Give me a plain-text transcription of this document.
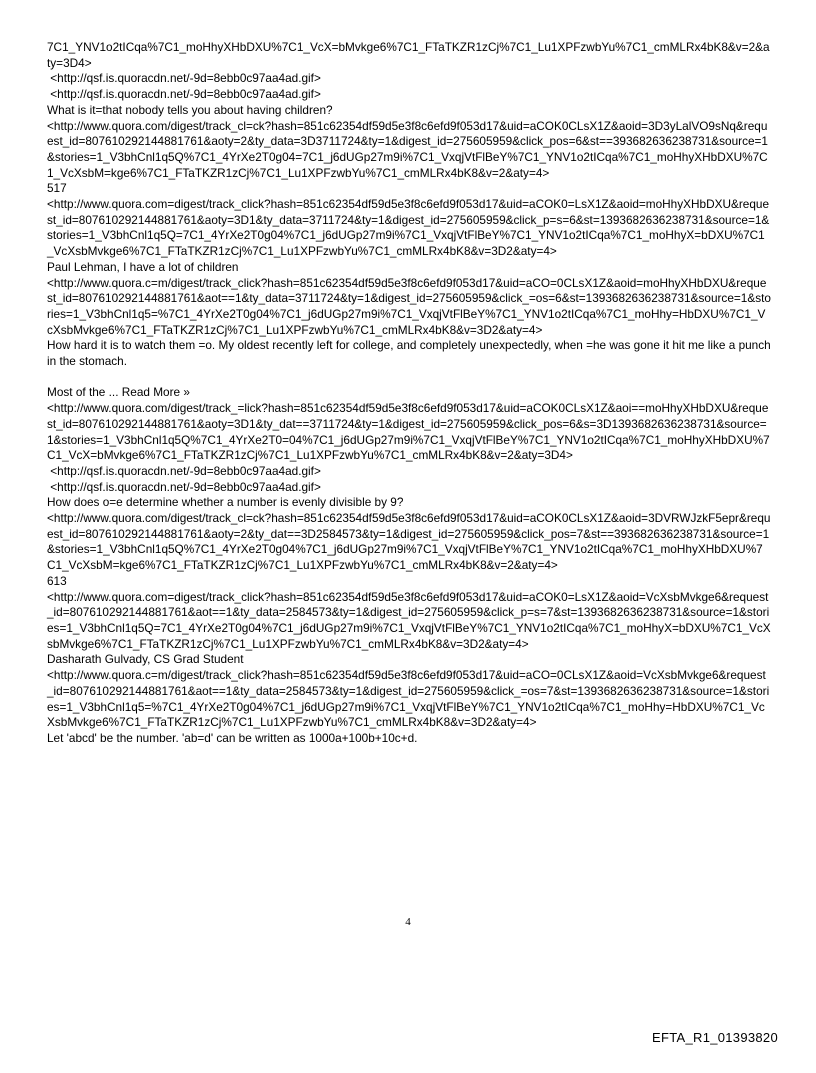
7C1_YNV1o2tICqa%7C1_moHhyXHbDXU%7C1_VcX=bMvkge6%7C1_FTaTKZR1zCj%7C1_Lu1XPFzwbYu%7C1_cmMLRx4bK8&v=2&aty=3D4>
<http://qsf.is.quoracdn.net/-9d=8ebb0c97aa4ad.gif>
<http://qsf.is.quoracdn.net/-9d=8ebb0c97aa4ad.gif>
What is it=that nobody tells you about having children?
<http://www.quora.com/digest/track_cl=ck?hash=851c62354df59d5e3f8c6efd9f053d17&uid=aCOK0CLsX1Z&aoid=3D3yLalVO9sNq&request_id=807610292144881761&aoty=2&ty_data=3D3711724&ty=1&digest_id=275605959&click_pos=6&st==393682636238731&source=1&stories=1_V3bhCnl1q5Q%7C1_4YrXe2T0g04=7C1_j6dUGp27m9i%7C1_VxqjVtFlBeY%7C1_YNV1o2tICqa%7C1_moHhyXHbDXU%7C1_VcXsbM=kge6%7C1_FTaTKZR1zCj%7C1_Lu1XPFzwbYu%7C1_cmMLRx4bK8&v=2&aty=4>
517
<http://www.quora.com=digest/track_click?hash=851c62354df59d5e3f8c6efd9f053d17&uid=aCOK0=LsX1Z&aoid=moHhyXHbDXU&request_id=807610292144881761&aoty=3D1&ty_data=3711724&ty=1&digest_id=275605959&click_p=s=6&st=1393682636238731&source=1&stories=1_V3bhCnl1q5Q=7C1_4YrXe2T0g04%7C1_j6dUGp27m9i%7C1_VxqjVtFlBeY%7C1_YNV1o2tICqa%7C1_moHhyX=bDXU%7C1_VcXsbMvkge6%7C1_FTaTKZR1zCj%7C1_Lu1XPFzwbYu%7C1_cmMLRx4bK8&v=3D2&aty=4>
Paul Lehman, I have a lot of children
<http://www.quora.c=m/digest/track_click?hash=851c62354df59d5e3f8c6efd9f053d17&uid=aCO=0CLsX1Z&aoid=moHhyXHbDXU&request_id=807610292144881761&aot==1&ty_data=3711724&ty=1&digest_id=275605959&click_=os=6&st=1393682636238731&source=1&stories=1_V3bhCnl1q5=%7C1_4YrXe2T0g04%7C1_j6dUGp27m9i%7C1_VxqjVtFlBeY%7C1_YNV1o2tICqa%7C1_moHhy=HbDXU%7C1_VcXsbMvkge6%7C1_FTaTKZR1zCj%7C1_Lu1XPFzwbYu%7C1_cmMLRx4bK8&v=3D2&aty=4>
How hard it is to watch them =o. My oldest recently left for college, and completely unexpectedly, when =he was gone it hit me like a punch in the stomach.
Most of the ... Read More »
<http://www.quora.com/digest/track_=lick?hash=851c62354df59d5e3f8c6efd9f053d17&uid=aCOK0CLsX1Z&aoi==moHhyXHbDXU&request_id=807610292144881761&aoty=3D1&ty_dat==3711724&ty=1&digest_id=275605959&click_pos=6&s=3D1393682636238731&source=1&stories=1_V3bhCnl1q5Q%7C1_4YrXe2T0=04%7C1_j6dUGp27m9i%7C1_VxqjVtFlBeY%7C1_YNV1o2tICqa%7C1_moHhyXHbDXU%7C1_VcX=bMvkge6%7C1_FTaTKZR1zCj%7C1_Lu1XPFzwbYu%7C1_cmMLRx4bK8&v=2&aty=3D4>
<http://qsf.is.quoracdn.net/-9d=8ebb0c97aa4ad.gif>
<http://qsf.is.quoracdn.net/-9d=8ebb0c97aa4ad.gif>
How does o=e determine whether a number is evenly divisible by 9?
<http://www.quora.com/digest/track_cl=ck?hash=851c62354df59d5e3f8c6efd9f053d17&uid=aCOK0CLsX1Z&aoid=3DVRWJzkF5epr&request_id=807610292144881761&aoty=2&ty_dat==3D2584573&ty=1&digest_id=275605959&click_pos=7&st==393682636238731&source=1&stories=1_V3bhCnl1q5Q%7C1_4YrXe2T0g04%7C1_j6dUGp27m9i%7C1_VxqjVtFlBeY%7C1_YNV1o2tICqa%7C1_moHhyXHbDXU%7C1_VcXsbM=kge6%7C1_FTaTKZR1zCj%7C1_Lu1XPFzwbYu%7C1_cmMLRx4bK8&v=2&aty=4>
613
<http://www.quora.com=digest/track_click?hash=851c62354df59d5e3f8c6efd9f053d17&uid=aCOK0=LsX1Z&aoid=VcXsbMvkge6&request_id=807610292144881761&aot==1&ty_data=2584573&ty=1&digest_id=275605959&click_p=s=7&st=1393682636238731&source=1&stories=1_V3bhCnl1q5Q=7C1_4YrXe2T0g04%7C1_j6dUGp27m9i%7C1_VxqjVtFlBeY%7C1_YNV1o2tICqa%7C1_moHhyX=bDXU%7C1_VcXsbMvkge6%7C1_FTaTKZR1zCj%7C1_Lu1XPFzwbYu%7C1_cmMLRx4bK8&v=3D2&aty=4>
Dasharath Gulvady, CS Grad Student
<http://www.quora.c=m/digest/track_click?hash=851c62354df59d5e3f8c6efd9f053d17&uid=aCO=0CLsX1Z&aoid=VcXsbMvkge6&request_id=807610292144881761&aot==1&ty_data=2584573&ty=1&digest_id=275605959&click_=os=7&st=1393682636238731&source=1&stories=1_V3bhCnl1q5=%7C1_4YrXe2T0g04%7C1_j6dUGp27m9i%7C1_VxqjVtFlBeY%7C1_YNV1o2tICqa%7C1_moHhy=HbDXU%7C1_VcXsbMvkge6%7C1_FTaTKZR1zCj%7C1_Lu1XPFzwbYu%7C1_cmMLRx4bK8&v=3D2&aty=4>
Let 'abcd' be the number. 'ab=d' can be written as 1000a+100b+10c+d.
4
EFTA_R1_01393820
